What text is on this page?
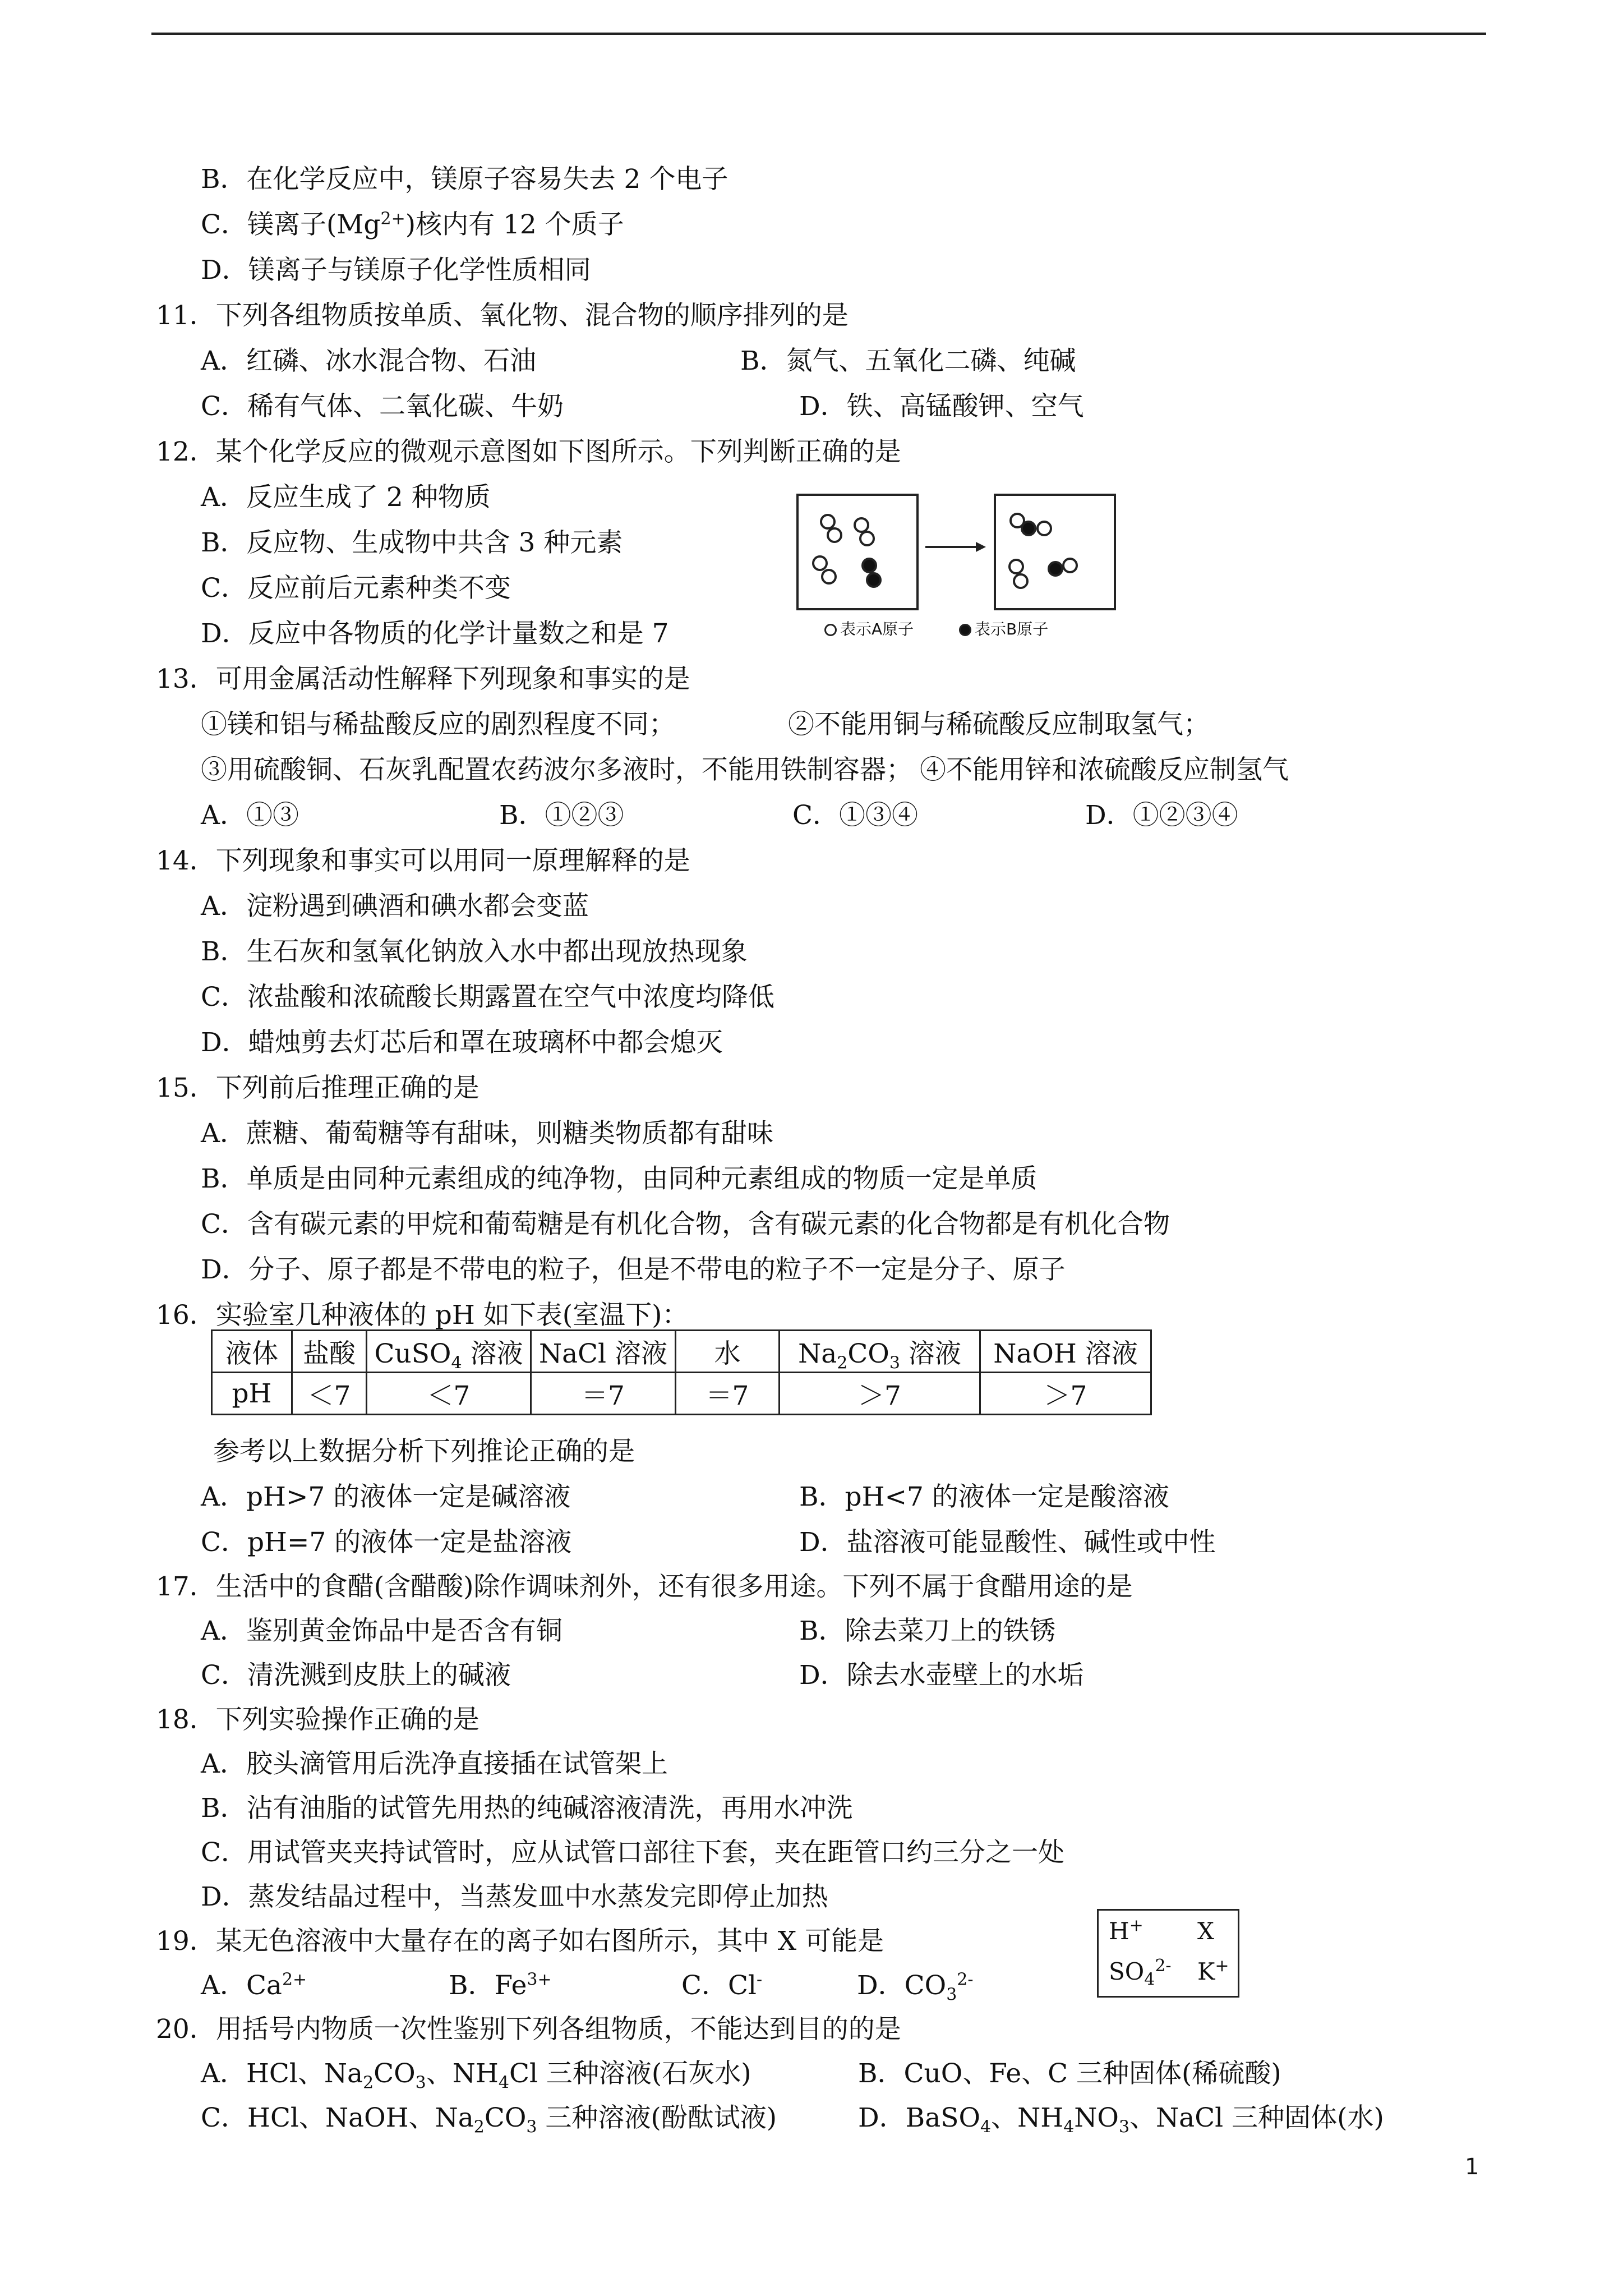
B．在化学反应中，镁原子容易失去 2 个电子
C．镁离子$(Mg^{2+})$核内有 12 个质子
D．镁离子与镁原子化学性质相同
11．下列各组物质按单质、氧化物、混合物的顺序排列的是
A．红磷、冰水混合物、石油	B．氮气、五氧化二磷、纯碱
C．稀有气体、二氧化碳、牛奶	D．铁、高锰酸钾、空气
12．某个化学反应的微观示意图如下图所示。下列判断正确的是
A．反应生成了 2 种物质
B．反应物、生成物中共含 3 种元素
C．反应前后元素种类不变
D．反应中各物质的化学计量数之和是 7	表示A原子	表示B原子
13．可用金属活动性解释下列现象和事实的是
①镁和铝与稀盐酸反应的剧烈程度不同；	②不能用铜与稀硫酸反应制取氢气；
③用硫酸铜、石灰乳配置农药波尔多液时，不能用铁制容器； ④不能用锌和浓硫酸反应制氢气
A．①③	B．①②③	C．①③④	D．①②③④
14．下列现象和事实可以用同一原理解释的是
A．淀粉遇到碘酒和碘水都会变蓝
B．生石灰和氢氧化钠放入水中都出现放热现象
C．浓盐酸和浓硫酸长期露置在空气中浓度均降低
D．蜡烛剪去灯芯后和罩在玻璃杯中都会熄灭
15．下列前后推理正确的是
A．蔗糖、葡萄糖等有甜味，则糖类物质都有甜味
B．单质是由同种元素组成的纯净物，由同种元素组成的物质一定是单质
C．含有碳元素的甲烷和葡萄糖是有机化合物，含有碳元素的化合物都是有机化合物
D．分子、原子都是不带电的粒子，但是不带电的粒子不一定是分子、原子
16．实验室几种液体的 pH 如下表(室温下)：
液体	盐酸	CuSO$_4$ 溶液	NaCl 溶液	水	$Na_2CO_3$ 溶液	NaOH 溶液
pH	＜7	＜7	＝7	＝7	＞7	＞7
参考以上数据分析下列推论正确的是
A．pH>7 的液体一定是碱溶液	B．pH<7 的液体一定是酸溶液
C．pH=7 的液体一定是盐溶液	D．盐溶液可能显酸性、碱性或中性
17．生活中的食醋(含醋酸)除作调味剂外，还有很多用途。下列不属于食醋用途的是
A．鉴别黄金饰品中是否含有铜	B．除去菜刀上的铁锈
C．清洗溅到皮肤上的碱液	D．除去水壶壁上的水垢
18．下列实验操作正确的是
A．胶头滴管用后洗净直接插在试管架上
B．沾有油脂的试管先用热的纯碱溶液清洗，再用水冲洗
C．用试管夹夹持试管时，应从试管口部往下套，夹在距管口约三分之一处
D．蒸发结晶过程中，当蒸发皿中水蒸发完即停止加热
19．某无色溶液中大量存在的离子如右图所示，其中 X 可能是
A．$Ca^{2+}$	B．$Fe^{3+}$	C．Cl-	D．$CO_3^{2-}$
H+ X
$SO_4^{2-}$ K+
20．用括号内物质一次性鉴别下列各组物质，不能达到目的的是
A．HCl、$Na_2CO_3$、$NH_4Cl$ 三种溶液(石灰水)	B．CuO、Fe、C 三种固体(稀硫酸)
C．HCl、NaOH、$Na_2CO_3$ 三种溶液(酚酞试液)	D．BaSO$_4$、$NH_4NO_3$、NaCl 三种固体(水)
1
